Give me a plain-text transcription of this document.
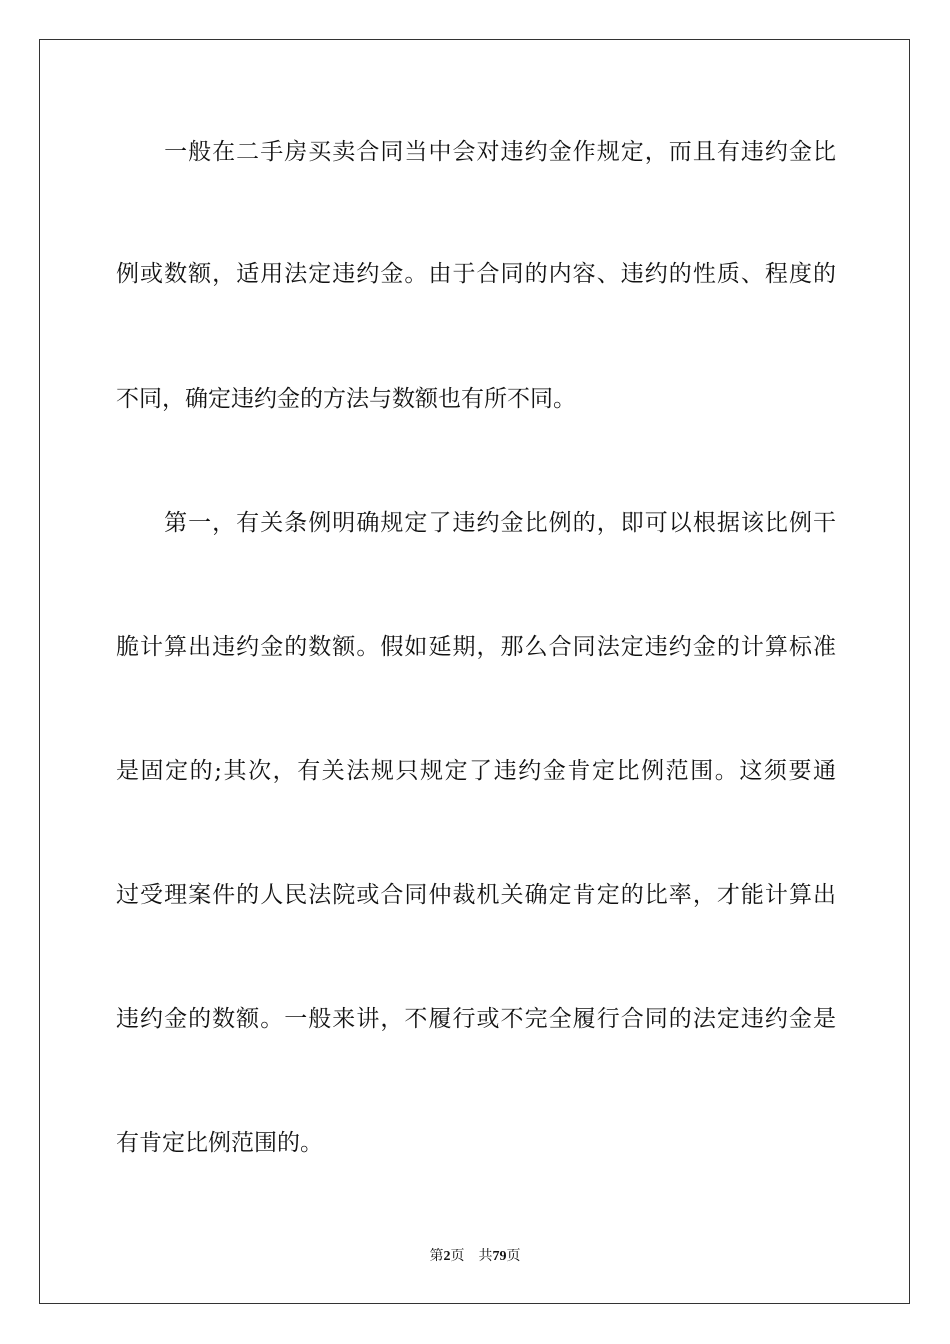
　　一般在二手房买卖合同当中会对违约金作规定，而且有违约金比
例或数额，适用法定违约金。由于合同的内容、违约的性质、程度的
不同，确定违约金的方法与数额也有所不同。
　　第一，有关条例明确规定了违约金比例的，即可以根据该比例干
脆计算出违约金的数额。假如延期，那么合同法定违约金的计算标准
是固定的;其次，有关法规只规定了违约金肯定比例范围。这须要通
过受理案件的人民法院或合同仲裁机关确定肯定的比率，才能计算出
违约金的数额。一般来讲，不履行或不完全履行合同的法定违约金是
有肯定比例范围的。
第2页 共79页
